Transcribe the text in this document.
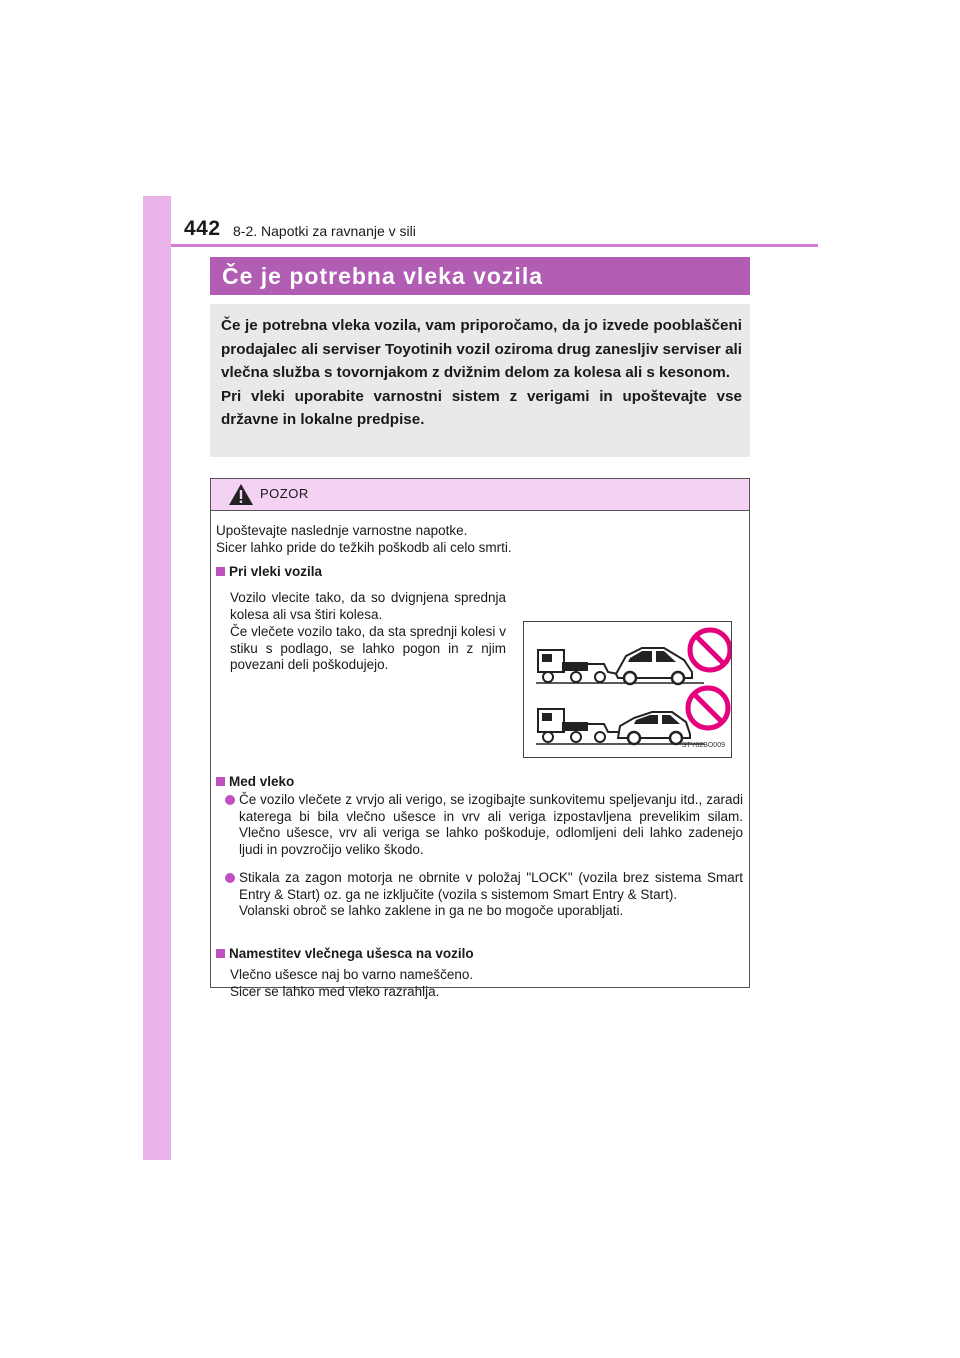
442 8-2. Napotki za ravnanje v sili
Če je potrebna vleka vozila

Če je potrebna vleka vozila, vam priporočamo, da jo izvede pooblaščeni prodajalec ali serviser Toyotinih vozil oziroma drug zanesljiv serviser ali vlečna služba s tovornjakom z dvižnim delom za kolesa ali s kesonom.

Pri vleki uporabite varnostni sistem z verigami in upoštevajte vse državne in lokalne predpise.

POZOR
Upoštevajte naslednje varnostne napotke.
Sicer lahko pride do težkih poškodb ali celo smrti.
Pri vleki vozila
Vozilo vlecite tako, da so dvignjena sprednja kolesa ali vsa štiri kolesa.
Če vlečete vozilo tako, da sta sprednji kolesi v stiku s podlago, se lahko pogon in z njim povezani deli poškodujejo.
STY82BO009
Med vleko
Če vozilo vlečete z vrvjo ali verigo, se izogibajte sunkovitemu speljevanju itd., zaradi katerega bi bila vlečno ušesce in vrv ali veriga izpostavljena prevelikim silam. Vlečno ušesce, vrv ali veriga se lahko poškoduje, odlomljeni deli lahko zadenejo ljudi in povzročijo veliko škodo.
Stikala za zagon motorja ne obrnite v položaj "LOCK" (vozila brez sistema Smart Entry & Start) oz. ga ne izključite (vozila s sistemom Smart Entry & Start).
Volanski obroč se lahko zaklene in ga ne bo mogoče uporabljati.
Namestitev vlečnega ušesca na vozilo
Vlečno ušesce naj bo varno nameščeno.
Sicer se lahko med vleko razrahlja.
